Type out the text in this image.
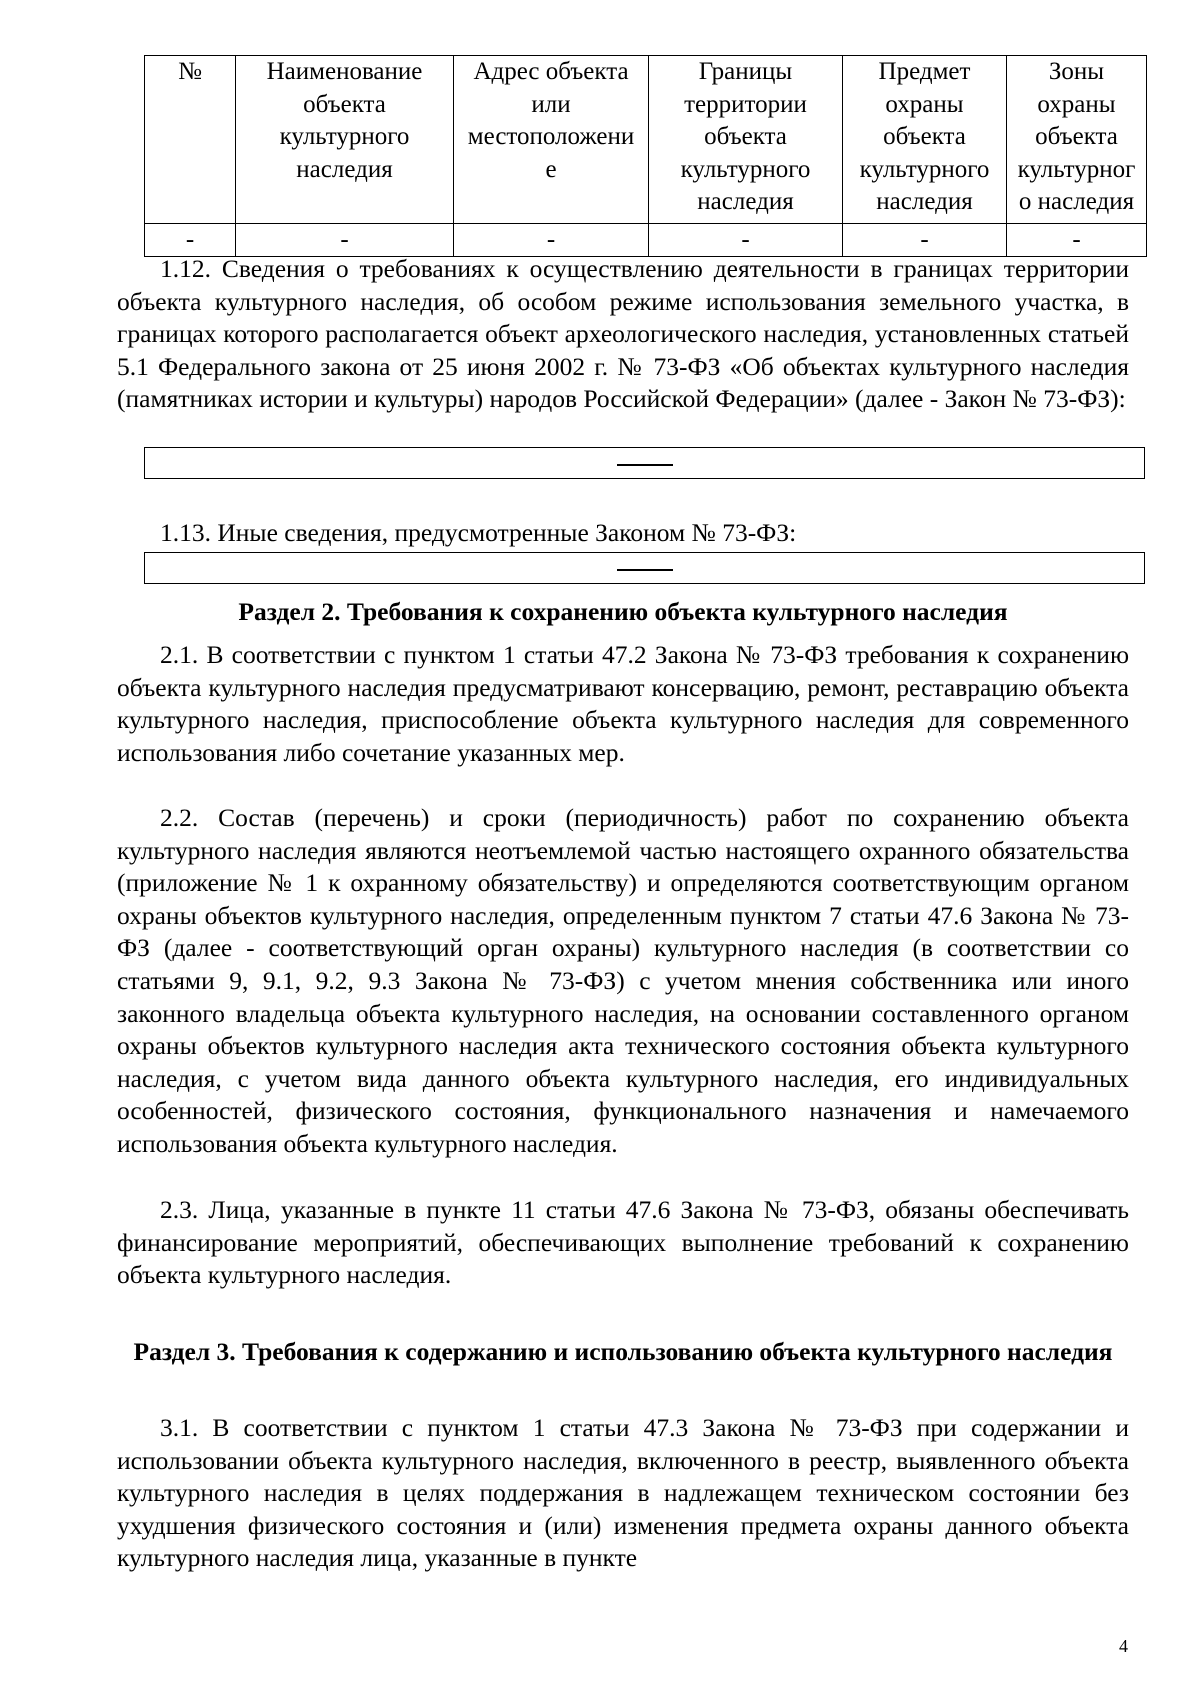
№	Наименование
объекта
культурного
наследия	Адрес объекта
или
местоположени
е	Границы
территории
объекта
культурного
наследия	Предмет
охраны
объекта
культурного
наследия	Зоны
охраны
объекта
культурног
о наследия
-	-	-	-	-	-

1.12. Сведения о требованиях к осуществлению деятельности в границах территории объекта культурного наследия, об особом режиме использования земельного участка, в границах которого располагается объект археологического наследия, установленных статьей 5.1 Федерального закона от 25 июня 2002 г. № 73-ФЗ «Об объектах культурного наследия (памятниках истории и культуры) народов Российской Федерации» (далее - Закон № 73-ФЗ):

1.13. Иные сведения, предусмотренные Законом № 73-ФЗ:

Раздел 2. Требования к сохранению объекта культурного наследия

2.1. В соответствии с пунктом 1 статьи 47.2 Закона № 73-ФЗ требования к сохранению объекта культурного наследия предусматривают консервацию, ремонт, реставрацию объекта культурного наследия, приспособление объекта культурного наследия для современного использования либо сочетание указанных мер.

2.2. Состав (перечень) и сроки (периодичность) работ по сохранению объекта культурного наследия являются неотъемлемой частью настоящего охранного обязательства (приложение № 1 к охранному обязательству) и определяются соответствующим органом охраны объектов культурного наследия, определенным пунктом 7 статьи 47.6 Закона № 73-ФЗ (далее - соответствующий орган охраны) культурного наследия (в соответствии со статьями 9, 9.1, 9.2, 9.3 Закона № 73-ФЗ) с учетом мнения собственника или иного законного владельца объекта культурного наследия, на основании составленного органом охраны объектов культурного наследия акта технического состояния объекта культурного наследия, с учетом вида данного объекта культурного наследия, его индивидуальных особенностей, физического состояния, функционального назначения и намечаемого использования объекта культурного наследия.

2.3. Лица, указанные в пункте 11 статьи 47.6 Закона № 73-ФЗ, обязаны обеспечивать финансирование мероприятий, обеспечивающих выполнение требований к сохранению объекта культурного наследия.

Раздел 3. Требования к содержанию и использованию объекта культурного наследия

3.1. В соответствии с пунктом 1 статьи 47.3 Закона № 73-ФЗ при содержании и использовании объекта культурного наследия, включенного в реестр, выявленного объекта культурного наследия в целях поддержания в надлежащем техническом состоянии без ухудшения физического состояния и (или) изменения предмета охраны данного объекта культурного наследия лица, указанные в пункте

4
